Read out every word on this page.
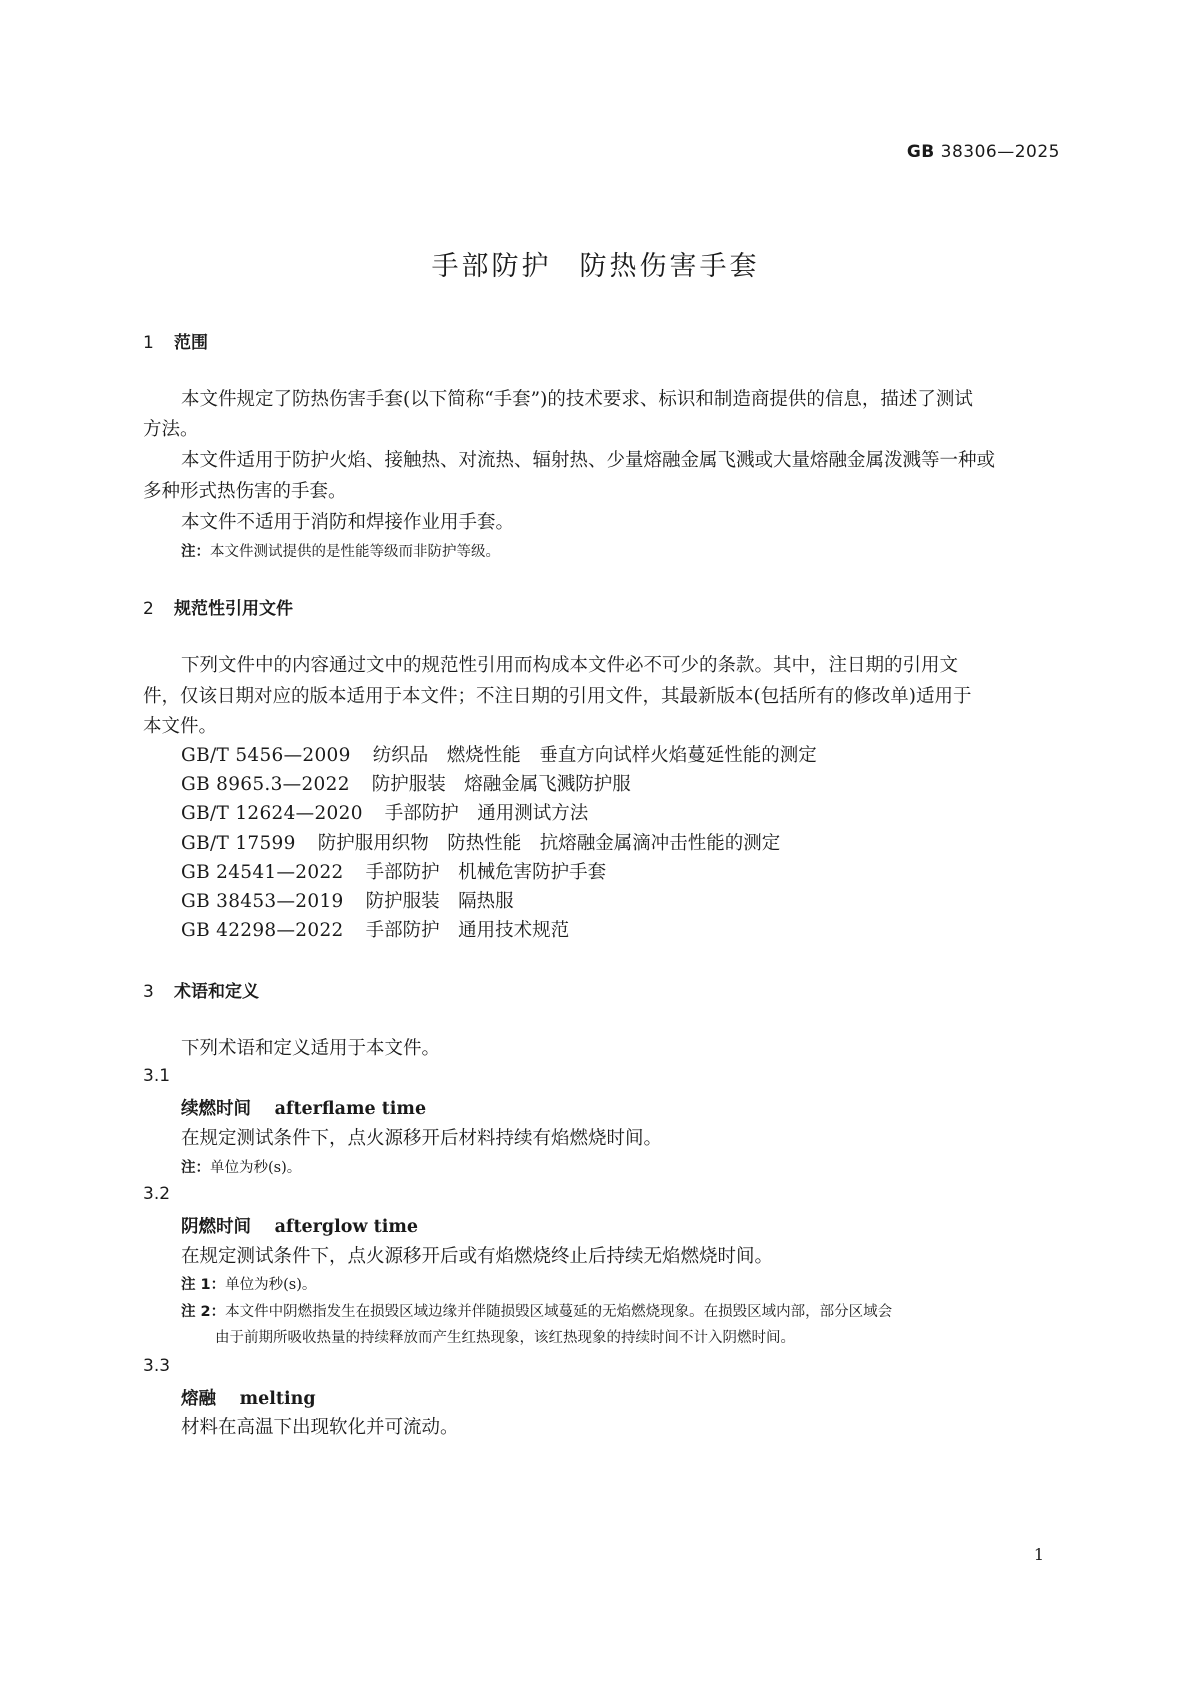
GB 38306—2025
手部防护 防热伤害手套
1 范围
本文件规定了防热伤害手套(以下简称“手套”)的技术要求、标识和制造商提供的信息，描述了测试
方法。
本文件适用于防护火焰、接触热、对流热、辐射热、少量熔融金属飞溅或大量熔融金属泼溅等一种或
多种形式热伤害的手套。
本文件不适用于消防和焊接作业用手套。
注：本文件测试提供的是性能等级而非防护等级。
2 规范性引用文件
下列文件中的内容通过文中的规范性引用而构成本文件必不可少的条款。其中，注日期的引用文
件，仅该日期对应的版本适用于本文件；不注日期的引用文件，其最新版本(包括所有的修改单)适用于
本文件。
GB/T 5456—2009 纺织品　燃烧性能　垂直方向试样火焰蔓延性能的测定
GB 8965.3—2022 防护服装　熔融金属飞溅防护服
GB/T 12624—2020 手部防护　通用测试方法
GB/T 17599 防护服用织物　防热性能　抗熔融金属滴冲击性能的测定
GB 24541—2022 手部防护　机械危害防护手套
GB 38453—2019 防护服装　隔热服
GB 42298—2022 手部防护　通用技术规范
3 术语和定义
下列术语和定义适用于本文件。
3.1
续燃时间　 afterflame time
在规定测试条件下，点火源移开后材料持续有焰燃烧时间。
注：单位为秒(s)。
3.2
阴燃时间　 afterglow time
在规定测试条件下，点火源移开后或有焰燃烧终止后持续无焰燃烧时间。
注 1：单位为秒(s)。
注 2：本文件中阴燃指发生在损毁区域边缘并伴随损毁区域蔓延的无焰燃烧现象。在损毁区域内部，部分区域会
由于前期所吸收热量的持续释放而产生红热现象，该红热现象的持续时间不计入阴燃时间。
3.3
熔融　 melting
材料在高温下出现软化并可流动。
1
